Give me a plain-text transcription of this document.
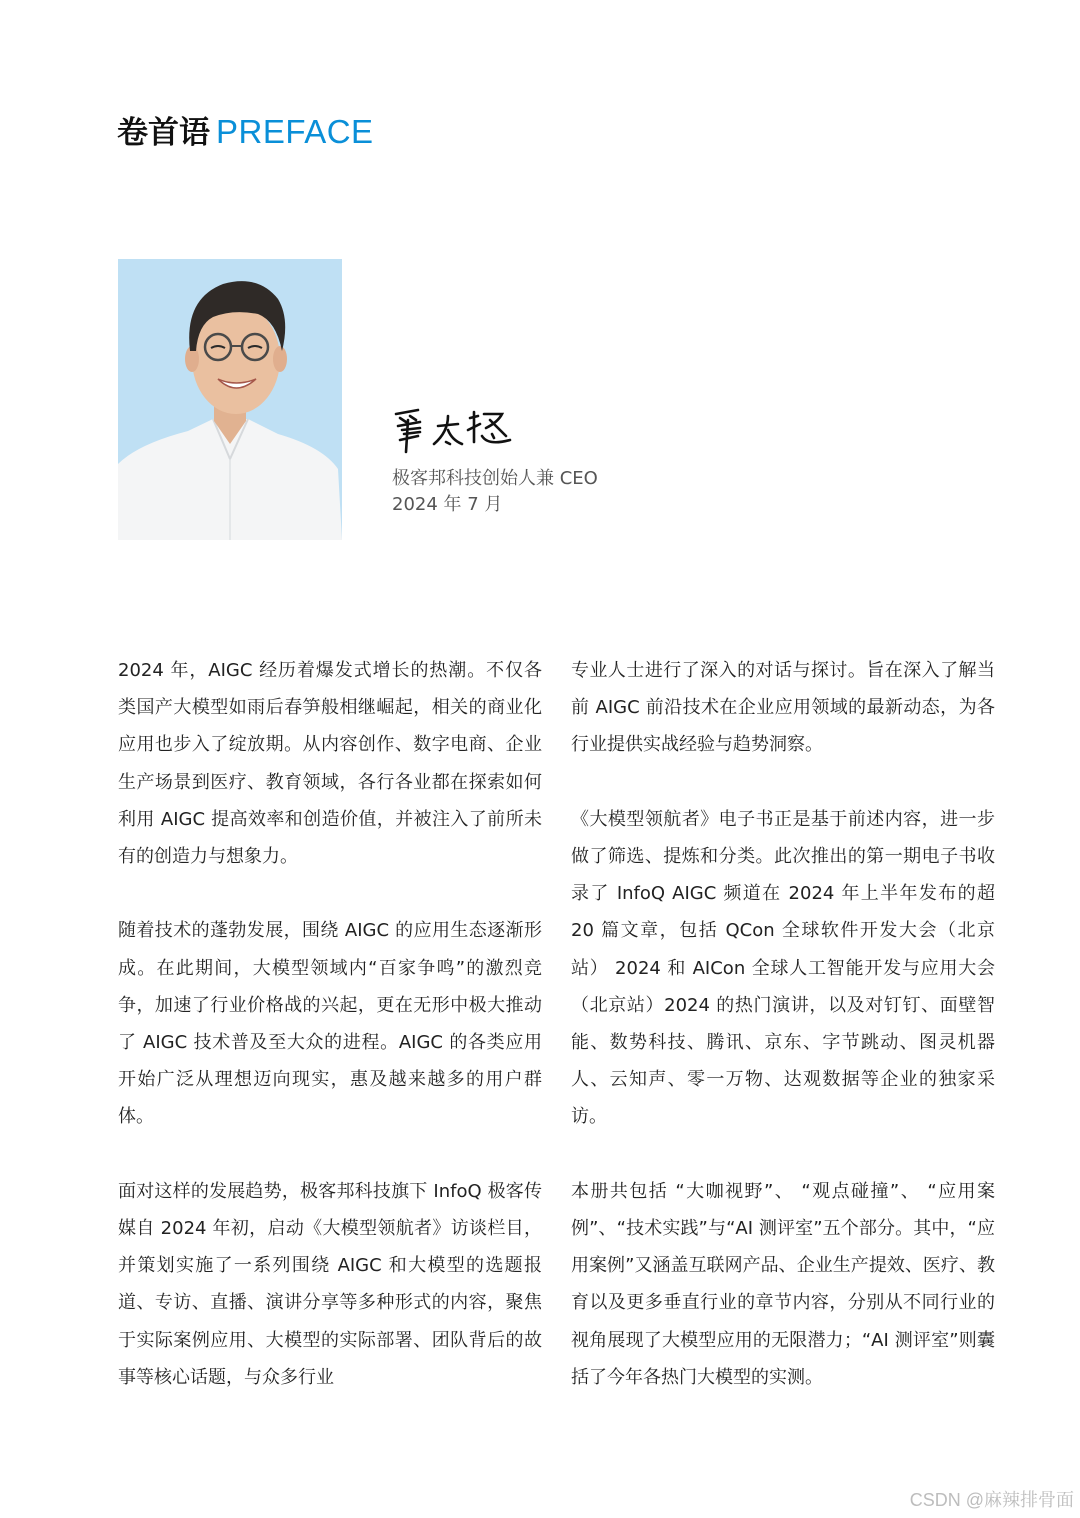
卷首语 PREFACE
极客邦科技创始人兼 CEO
2024 年 7 月

2024 年，AIGC 经历着爆发式增长的热潮。不仅各类国产大模型如雨后春笋般相继崛起，相关的商业化应用也步入了绽放期。从内容创作、数字电商、企业生产场景到医疗、教育领域，各行各业都在探索如何利用 AIGC 提高效率和创造价值，并被注入了前所未有的创造力与想象力。

随着技术的蓬勃发展，围绕 AIGC 的应用生态逐渐形成。在此期间，大模型领域内“百家争鸣”的激烈竞争，加速了行业价格战的兴起，更在无形中极大推动了 AIGC 技术普及至大众的进程。AIGC 的各类应用开始广泛从理想迈向现实，惠及越来越多的用户群体。

面对这样的发展趋势，极客邦科技旗下 InfoQ 极客传媒自 2024 年初，启动《大模型领航者》访谈栏目，并策划实施了一系列围绕 AIGC 和大模型的选题报道、专访、直播、演讲分享等多种形式的内容，聚焦于实际案例应用、大模型的实际部署、团队背后的故事等核心话题，与众多行业

专业人士进行了深入的对话与探讨。旨在深入了解当前 AIGC 前沿技术在企业应用领域的最新动态，为各行业提供实战经验与趋势洞察。

《大模型领航者》电子书正是基于前述内容，进一步做了筛选、提炼和分类。此次推出的第一期电子书收录了 InfoQ AIGC 频道在 2024 年上半年发布的超 20 篇文章，包括 QCon 全球软件开发大会（北京站） 2024 和 AICon 全球人工智能开发与应用大会（北京站）2024 的热门演讲，以及对钉钉、面壁智能、数势科技、腾讯、京东、字节跳动、图灵机器人、云知声、零一万物、达观数据等企业的独家采访。

本册共包括 “大咖视野”、 “观点碰撞”、 “应用案例”、“技术实践”与“AI 测评室”五个部分。其中，“应用案例”又涵盖互联网产品、企业生产提效、医疗、教育以及更多垂直行业的章节内容，分别从不同行业的视角展现了大模型应用的无限潜力；“AI 测评室”则囊括了今年各热门大模型的实测。

CSDN @麻辣排骨面
